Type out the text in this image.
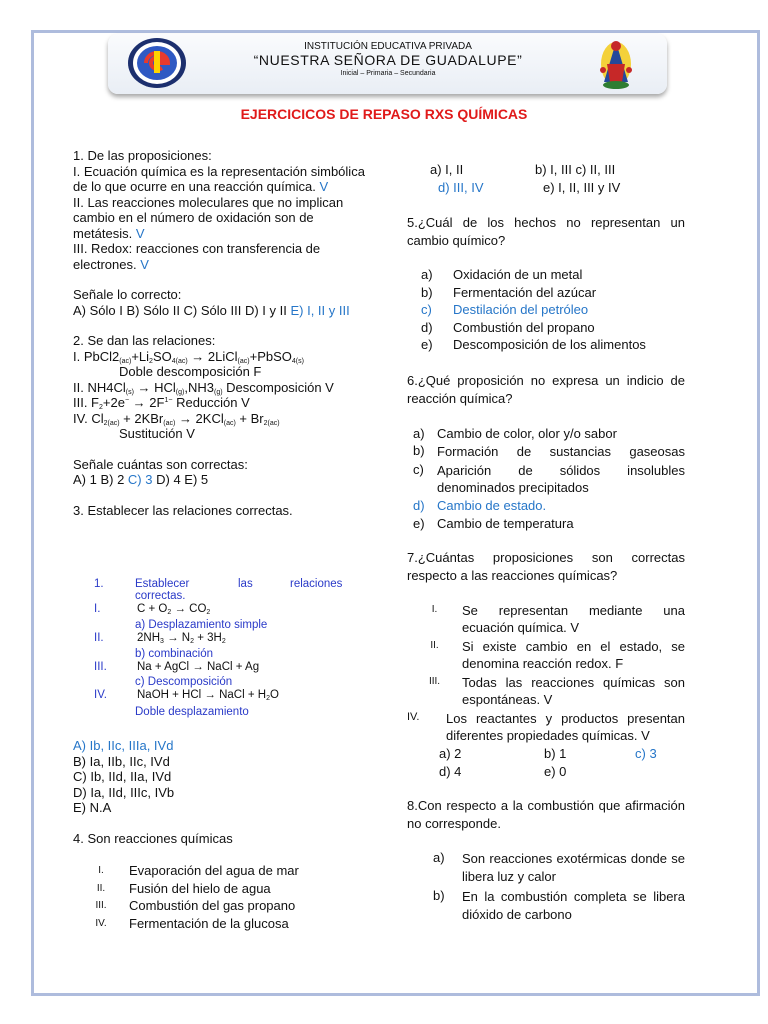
INSTITUCIÓN EDUCATIVA PRIVADA
“NUESTRA SEÑORA DE GUADALUPE”
Inicial – Primaria – Secundaria
EJERCICICOS DE REPASO RXS QUÍMICAS
1. De las proposiciones:
I. Ecuación química es la representación simbólica de lo que ocurre en una reacción química. V
II. Las reacciones moleculares que no implican cambio en el número de oxidación son de metátesis. V
III. Redox: reacciones con transferencia de electrones. V
Señale lo correcto:
A) Sólo I B) Sólo II C) Sólo III D) I y II E) I, II y III
2. Se dan las relaciones:
I. $PbCl2_{(ac)}+Li_2SO_{4(ac)}$ → 2LiCl$_{(ac)}$+PbSO$_{4(s)}$
Doble descomposición F
II. $NH4Cl_{(s)} \to HCl_{(g)},NH3_{(g)}$ Descomposición V
III. $F_2+2e^- \to 2F^{1-}$ Reducción V
IV. $Cl_{2(ac)} + 2KBr_{(ac)} \to 2KCl_{(ac)} + Br_{2(ac)}$
Sustitución V
Señale cuántas son correctas:
A) 1 B) 2 C) 3 D) 4 E) 5
3. Establecer las relaciones correctas.
1.	Establecer	las	relaciones
correctas.
I.	$C + O_2 \to CO_2$
a) Desplazamiento simple
II.	$2NH_3 \to N_2 + 3H_2$
b) combinación
III.	Na + AgCl → NaCl + Ag
c) Descomposición
IV.	NaOH + HCl → NaCl + $H_2O$
Doble desplazamiento
A) Ib, IIc, IIIa, IVd
B) Ia, IIb, IIc, IVd
C) Ib, IId, IIa, IVd
D) Ia, IId, IIIc, IVb
E) N.A
4. Son reacciones químicas
I.	Evaporación del agua de mar
II.	Fusión del hielo de agua
III.	Combustión del gas propano
IV.	Fermentación de la glucosa
a) I, II	b) I, III c) II, III
d) III, IV	e) I, II, III y IV
5.¿Cuál de los hechos no representan un cambio químico?
a)	Oxidación de un metal
b)	Fermentación del azúcar
c)	Destilación del petróleo
d)	Combustión del propano
e)	Descomposición de los alimentos
6.¿Qué proposición no expresa un indicio de reacción química?
a) Cambio de color, olor y/o sabor
b) Formación de sustancias gaseosas
c)	Aparición de sólidos insolubles denominados precipitados
d) Cambio de estado.
e) Cambio de temperatura
7.¿Cuántas proposiciones son correctas respecto a las reacciones químicas?
I.	Se representan mediante una ecuación química. V
II.	Si existe cambio en el estado, se denomina reacción redox. F
III.	Todas las reacciones químicas son espontáneas. V
IV.	Los reactantes y productos presentan diferentes propiedades químicas. V
a) 2	b) 1	c) 3
d) 4	e) 0
8.Con respecto a la combustión que afirmación no corresponde.
a)	Son reacciones exotérmicas donde se libera luz y calor
b)	En la combustión completa se libera dióxido de carbono
